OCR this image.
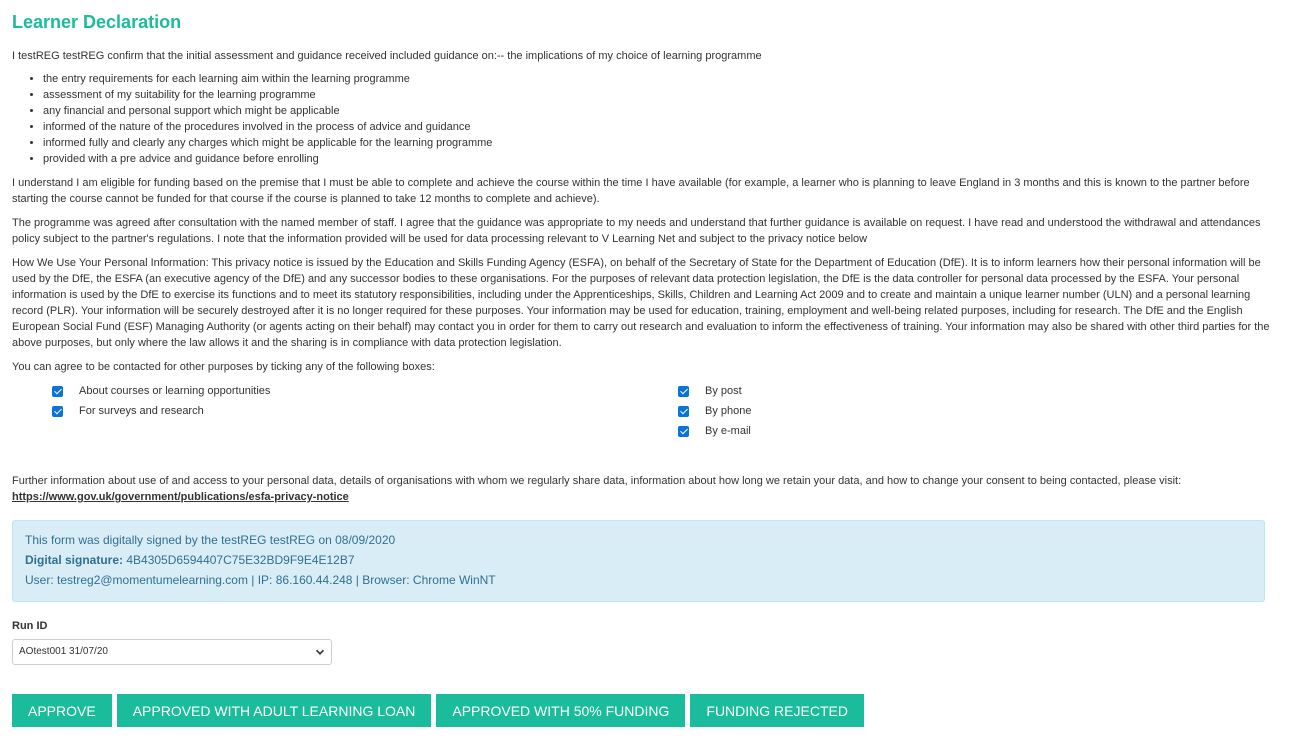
Learner Declaration

I testREG testREG confirm that the initial assessment and guidance received included guidance on:-- the implications of my choice of learning programme

• the entry requirements for each learning aim within the learning programme
• assessment of my suitability for the learning programme
• any financial and personal support which might be applicable
• informed of the nature of the procedures involved in the process of advice and guidance
• informed fully and clearly any charges which might be applicable for the learning programme
• provided with a pre advice and guidance before enrolling

I understand I am eligible for funding based on the premise that I must be able to complete and achieve the course within the time I have available (for example, a learner who is planning to leave England in 3 months and this is known to the partner before starting the course cannot be funded for that course if the course is planned to take 12 months to complete and achieve).

The programme was agreed after consultation with the named member of staff. I agree that the guidance was appropriate to my needs and understand that further guidance is available on request. I have read and understood the withdrawal and attendances policy subject to the partner's regulations. I note that the information provided will be used for data processing relevant to V Learning Net and subject to the privacy notice below

How We Use Your Personal Information: This privacy notice is issued by the Education and Skills Funding Agency (ESFA), on behalf of the Secretary of State for the Department of Education (DfE). It is to inform learners how their personal information will be used by the DfE, the ESFA (an executive agency of the DfE) and any successor bodies to these organisations. For the purposes of relevant data protection legislation, the DfE is the data controller for personal data processed by the ESFA. Your personal information is used by the DfE to exercise its functions and to meet its statutory responsibilities, including under the Apprenticeships, Skills, Children and Learning Act 2009 and to create and maintain a unique learner number (ULN) and a personal learning record (PLR). Your information will be securely destroyed after it is no longer required for these purposes. Your information may be used for education, training, employment and well-being related purposes, including for research. The DfE and the English European Social Fund (ESF) Managing Authority (or agents acting on their behalf) may contact you in order for them to carry out research and evaluation to inform the effectiveness of training. Your information may also be shared with other third parties for the above purposes, but only where the law allows it and the sharing is in compliance with data protection legislation.

You can agree to be contacted for other purposes by ticking any of the following boxes:

About courses or learning opportunities
For surveys and research
By post
By phone
By e-mail

Further information about use of and access to your personal data, details of organisations with whom we regularly share data, information about how long we retain your data, and how to change your consent to being contacted, please visit:
https://www.gov.uk/government/publications/esfa-privacy-notice

This form was digitally signed by the testREG testREG on 08/09/2020
Digital signature: 4B4305D6594407C75E32BD9F9E4E12B7
User: testreg2@momentumelearning.com | IP: 86.160.44.248 | Browser: Chrome WinNT
Run ID
AOtest001 31/07/20
APPROVE	APPROVED WITH ADULT LEARNING LOAN	APPROVED WITH 50% FUNDING	FUNDING REJECTED
